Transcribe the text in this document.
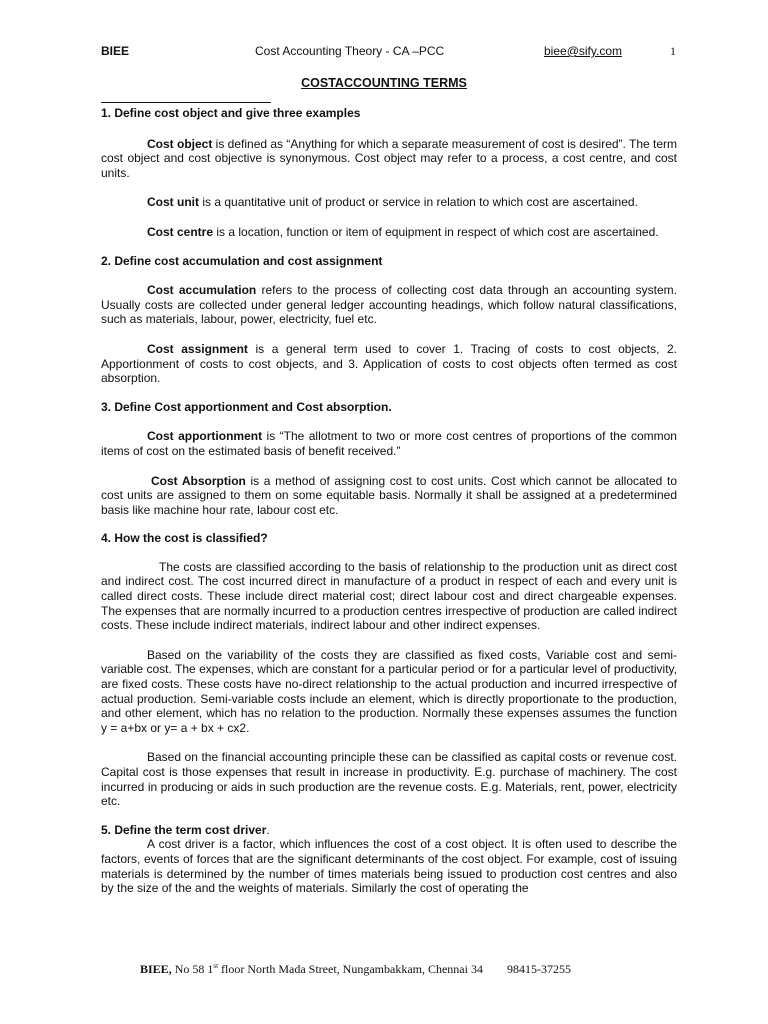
BIEE	Cost Accounting Theory - CA –PCC	biee@sify.com	1
COSTACCOUNTING TERMS

1. Define cost object and give three examples

Cost object is defined as “Anything for which a separate measurement of cost is desired”. The term cost object and cost objective is synonymous. Cost object may refer to a process, a cost centre, and cost units.

Cost unit is a quantitative unit of product or service in relation to which cost are ascertained.

Cost centre is a location, function or item of equipment in respect of which cost are ascertained.

2. Define cost accumulation and cost assignment

Cost accumulation refers to the process of collecting cost data through an accounting system. Usually costs are collected under general ledger accounting headings, which follow natural classifications, such as materials, labour, power, electricity, fuel etc.

Cost assignment is a general term used to cover 1. Tracing of costs to cost objects, 2. Apportionment of costs to cost objects, and 3. Application of costs to cost objects often termed as cost absorption.

3. Define Cost apportionment and Cost absorption.

Cost apportionment is “The allotment to two or more cost centres of proportions of the common items of cost on the estimated basis of benefit received.”

Cost Absorption is a method of assigning cost to cost units. Cost which cannot be allocated to cost units are assigned to them on some equitable basis. Normally it shall be assigned at a predetermined basis like machine hour rate, labour cost etc.

4. How the cost is classified?

The costs are classified according to the basis of relationship to the production unit as direct cost and indirect cost. The cost incurred direct in manufacture of a product in respect of each and every unit is called direct costs. These include direct material cost; direct labour cost and direct chargeable expenses. The expenses that are normally incurred to a production centres irrespective of production are called indirect costs. These include indirect materials, indirect labour and other indirect expenses.

Based on the variability of the costs they are classified as fixed costs, Variable cost and semi-variable cost. The expenses, which are constant for a particular period or for a particular level of productivity, are fixed costs. These costs have no-direct relationship to the actual production and incurred irrespective of actual production. Semi-variable costs include an element, which is directly proportionate to the production, and other element, which has no relation to the production. Normally these expenses assumes the function y = a+bx or y= a + bx + cx2.

Based on the financial accounting principle these can be classified as capital costs or revenue cost. Capital cost is those expenses that result in increase in productivity. E.g. purchase of machinery. The cost incurred in producing or aids in such production are the revenue costs. E.g. Materials, rent, power, electricity etc.

5. Define the term cost driver.

A cost driver is a factor, which influences the cost of a cost object. It is often used to describe the factors, events of forces that are the significant determinants of the cost object. For example, cost of issuing materials is determined by the number of times materials being issued to production cost centres and also by the size of the and the weights of materials. Similarly the cost of operating the

BIEE, No 58 1st floor North Mada Street, Nungambakkam, Chennai 34 98415-37255
